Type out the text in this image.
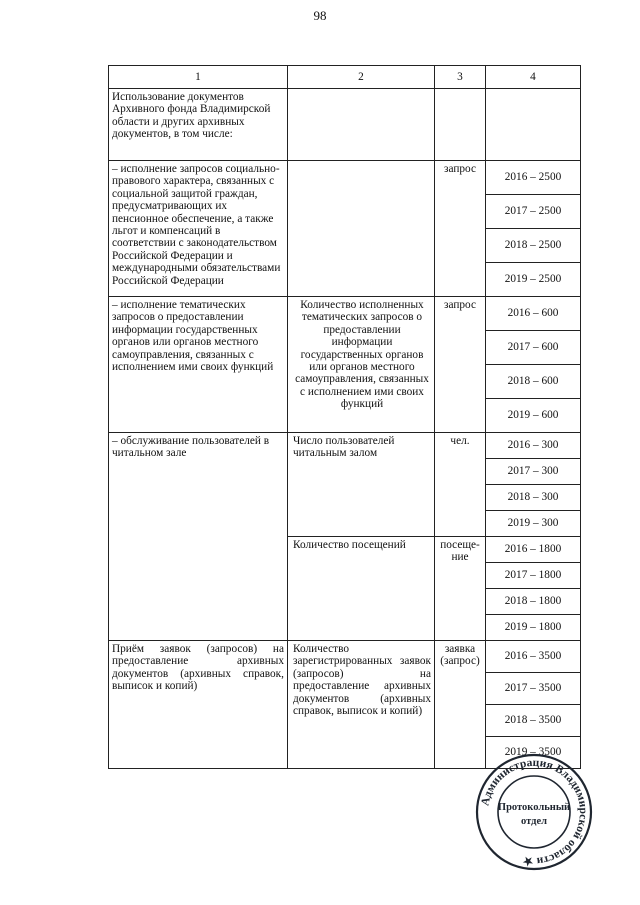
98
1	2	3	4
Использование документов Архивного фонда Владимирской области и других архивных документов, в том числе:			
– исполнение запросов социально-правового характера, связанных с социальной защитой граждан, предусматривающих их пенсионное обеспечение, а также льгот и компенсаций в соответствии с законодательством Российской Федерации и международными обязательствами Российской Федерации		запрос	2016 – 2500
			2017 – 2500
			2018 – 2500
			2019 – 2500
– исполнение тематических запросов о предоставлении информации государственных органов или органов местного самоуправления, связанных с исполнением ими своих функций	Количество исполненных тематических запросов о предоставлении информации государственных органов или органов местного самоуправления, связанных с исполнением ими своих функций	запрос	2016 – 600
			2017 – 600
			2018 – 600
			2019 – 600
– обслуживание пользователей в читальном зале	Число пользователей читальным залом	чел.	2016 – 300
			2017 – 300
			2018 – 300
			2019 – 300
	Количество посещений	посеще-ние	2016 – 1800
			2017 – 1800
			2018 – 1800
			2019 – 1800
Приём заявок (запросов) на предоставление архивных документов (архивных справок, выписок и копий)	Количество зарегистрированных заявок (запросов) на предоставление архивных документов (архивных справок, выписок и копий)	заявка (запрос)	2016 – 3500
			2017 – 3500
			2018 – 3500
			2019 – 3500
Администрация Владимирской области ★
Протокольный
отдел
